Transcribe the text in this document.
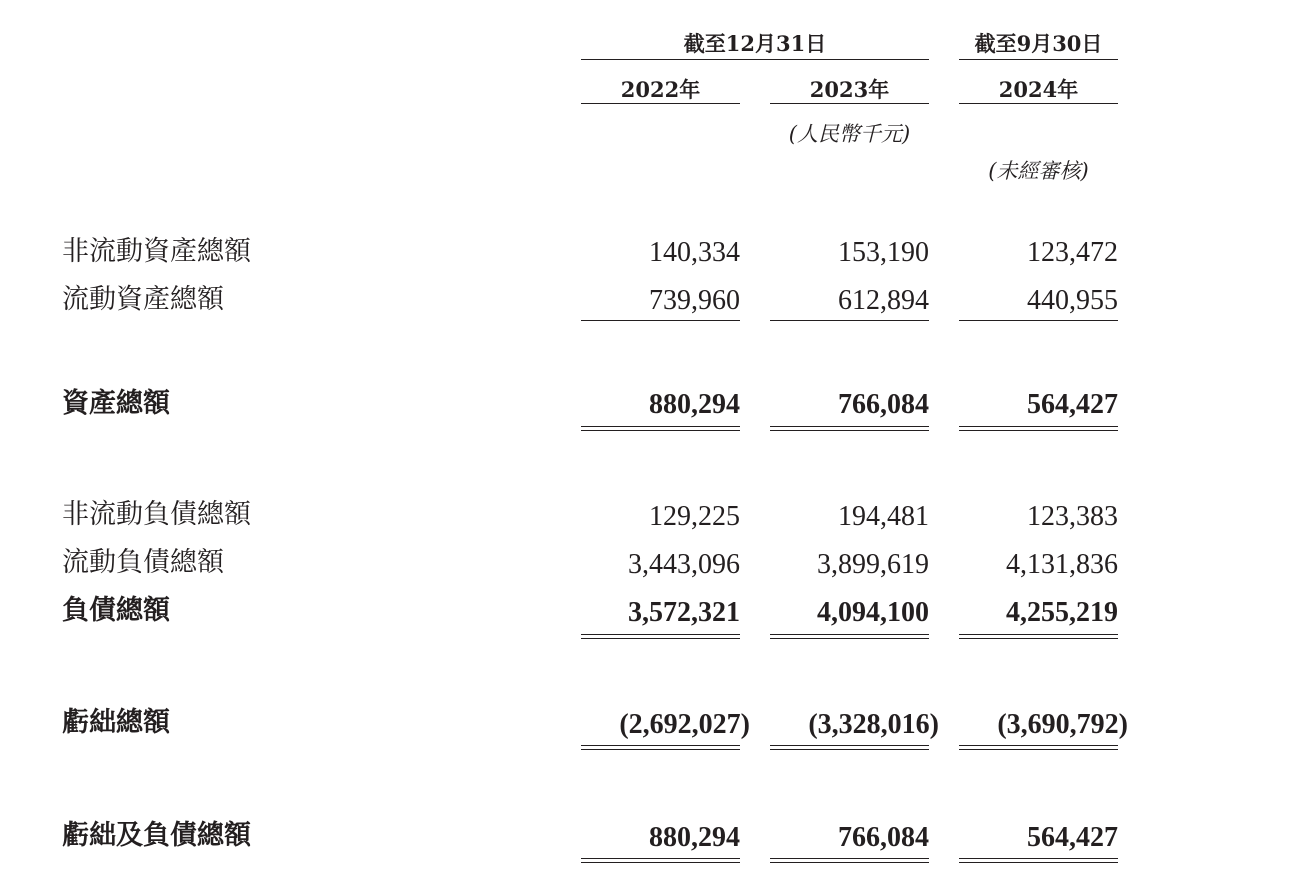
截至12月31日	截至9月30日
2022年	2023年	2024年
(人民幣千元)
(未經審核)
非流動資產總額	140,334	153,190	123,472
流動資產總額	739,960	612,894	440,955
資產總額	880,294	766,084	564,427
非流動負債總額	129,225	194,481	123,383
流動負債總額	3,443,096	3,899,619	4,131,836
負債總額	3,572,321	4,094,100	4,255,219
虧絀總額	(2,692,027)	(3,328,016)	(3,690,792)
虧絀及負債總額	880,294	766,084	564,427
